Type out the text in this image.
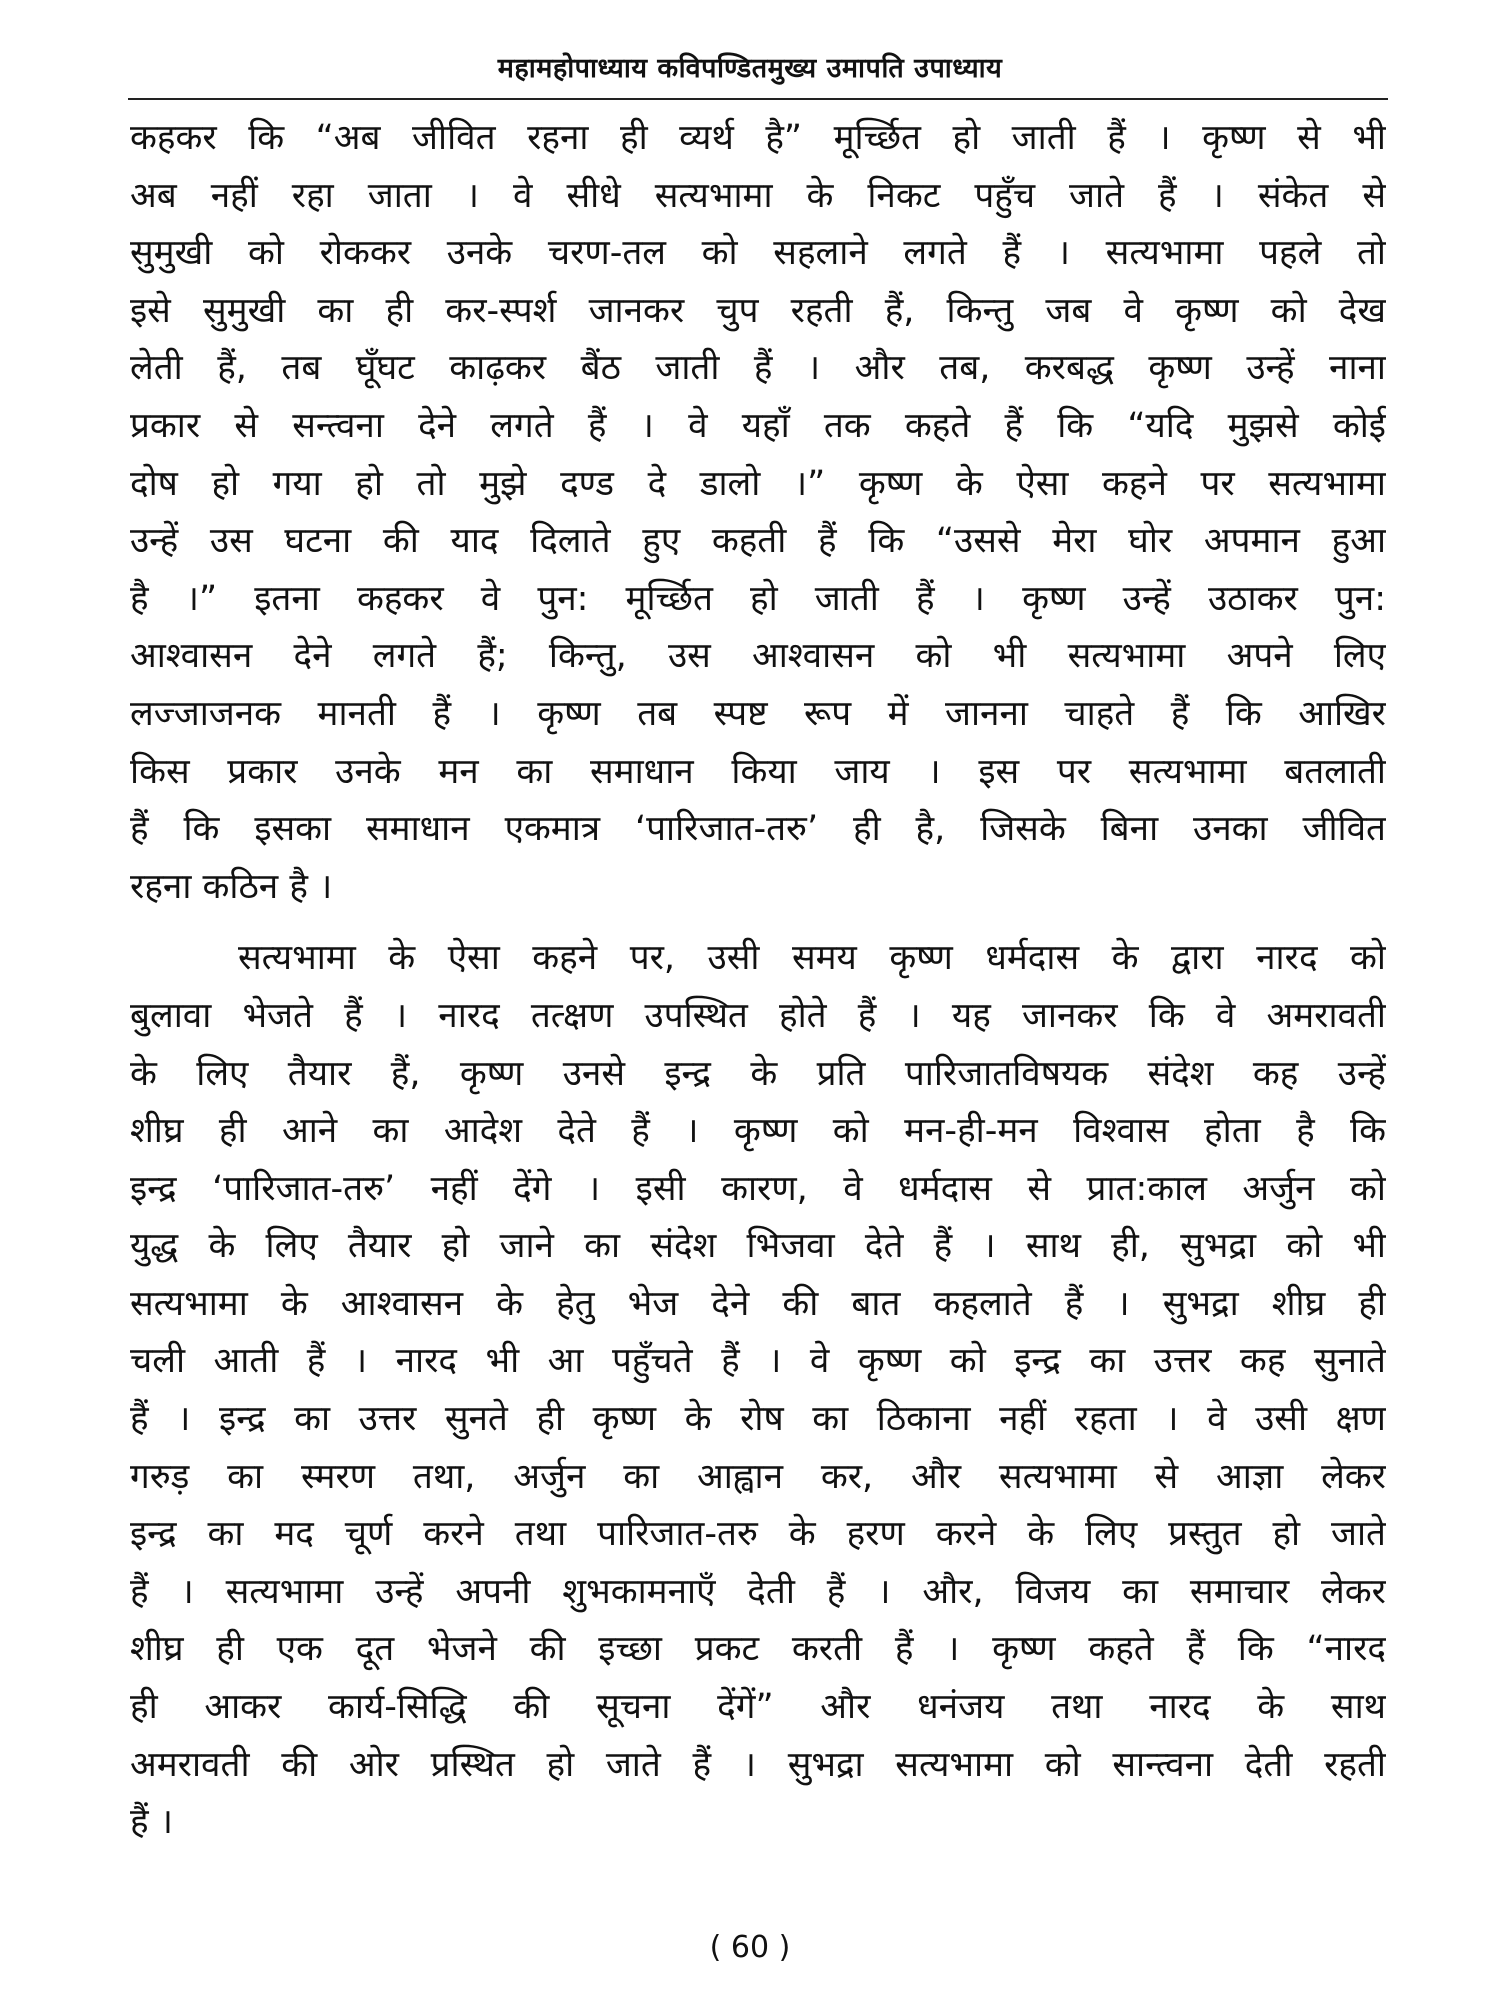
महामहोपाध्याय कविपण्डितमुख्य उमापति उपाध्याय
कहकर कि “अब जीवित रहना ही व्यर्थ है” मूर्च्छित हो जाती हैं । कृष्ण से भी
अब नहीं रहा जाता । वे सीधे सत्यभामा के निकट पहुँच जाते हैं । संकेत से
सुमुखी को रोककर उनके चरण-तल को सहलाने लगते हैं । सत्यभामा पहले तो
इसे सुमुखी का ही कर-स्पर्श जानकर चुप रहती हैं, किन्तु जब वे कृष्ण को देख
लेती हैं, तब घूँघट काढ़कर बैंठ जाती हैं । और तब, करबद्ध कृष्ण उन्हें नाना
प्रकार से सन्त्वना देने लगते हैं । वे यहाँ तक कहते हैं कि “यदि मुझसे कोई
दोष हो गया हो तो मुझे दण्ड दे डालो ।” कृष्ण के ऐसा कहने पर सत्यभामा
उन्हें उस घटना की याद दिलाते हुए कहती हैं कि “उससे मेरा घोर अपमान हुआ
है ।” इतना कहकर वे पुन: मूर्च्छित हो जाती हैं । कृष्ण उन्हें उठाकर पुन:
आश्वासन देने लगते हैं; किन्तु, उस आश्वासन को भी सत्यभामा अपने लिए
लज्जाजनक मानती हैं । कृष्ण तब स्पष्ट रूप में जानना चाहते हैं कि आखिर
किस प्रकार उनके मन का समाधान किया जाय । इस पर सत्यभामा बतलाती
हैं कि इसका समाधान एकमात्र ‘पारिजात-तरु’ ही है, जिसके बिना उनका जीवित
रहना कठिन है ।
सत्यभामा के ऐसा कहने पर, उसी समय कृष्ण धर्मदास के द्वारा नारद को
बुलावा भेजते हैं । नारद तत्क्षण उपस्थित होते हैं । यह जानकर कि वे अमरावती
के लिए तैयार हैं, कृष्ण उनसे इन्द्र के प्रति पारिजातविषयक संदेश कह उन्हें
शीघ्र ही आने का आदेश देते हैं । कृष्ण को मन-ही-मन विश्वास होता है कि
इन्द्र ‘पारिजात-तरु’ नहीं देंगे । इसी कारण, वे धर्मदास से प्रात:काल अर्जुन को
युद्ध के लिए तैयार हो जाने का संदेश भिजवा देते हैं । साथ ही, सुभद्रा को भी
सत्यभामा के आश्वासन के हेतु भेज देने की बात कहलाते हैं । सुभद्रा शीघ्र ही
चली आती हैं । नारद भी आ पहुँचते हैं । वे कृष्ण को इन्द्र का उत्तर कह सुनाते
हैं । इन्द्र का उत्तर सुनते ही कृष्ण के रोष का ठिकाना नहीं रहता । वे उसी क्षण
गरुड़ का स्मरण तथा, अर्जुन का आह्वान कर, और सत्यभामा से आज्ञा लेकर
इन्द्र का मद चूर्ण करने तथा पारिजात-तरु के हरण करने के लिए प्रस्तुत हो जाते
हैं । सत्यभामा उन्हें अपनी शुभकामनाएँ देती हैं । और, विजय का समाचार लेकर
शीघ्र ही एक दूत भेजने की इच्छा प्रकट करती हैं । कृष्ण कहते हैं कि “नारद
ही आकर कार्य-सिद्धि की सूचना देंगें” और धनंजय तथा नारद के साथ
अमरावती की ओर प्रस्थित हो जाते हैं । सुभद्रा सत्यभामा को सान्त्वना देती रहती
हैं ।
( 60 )
